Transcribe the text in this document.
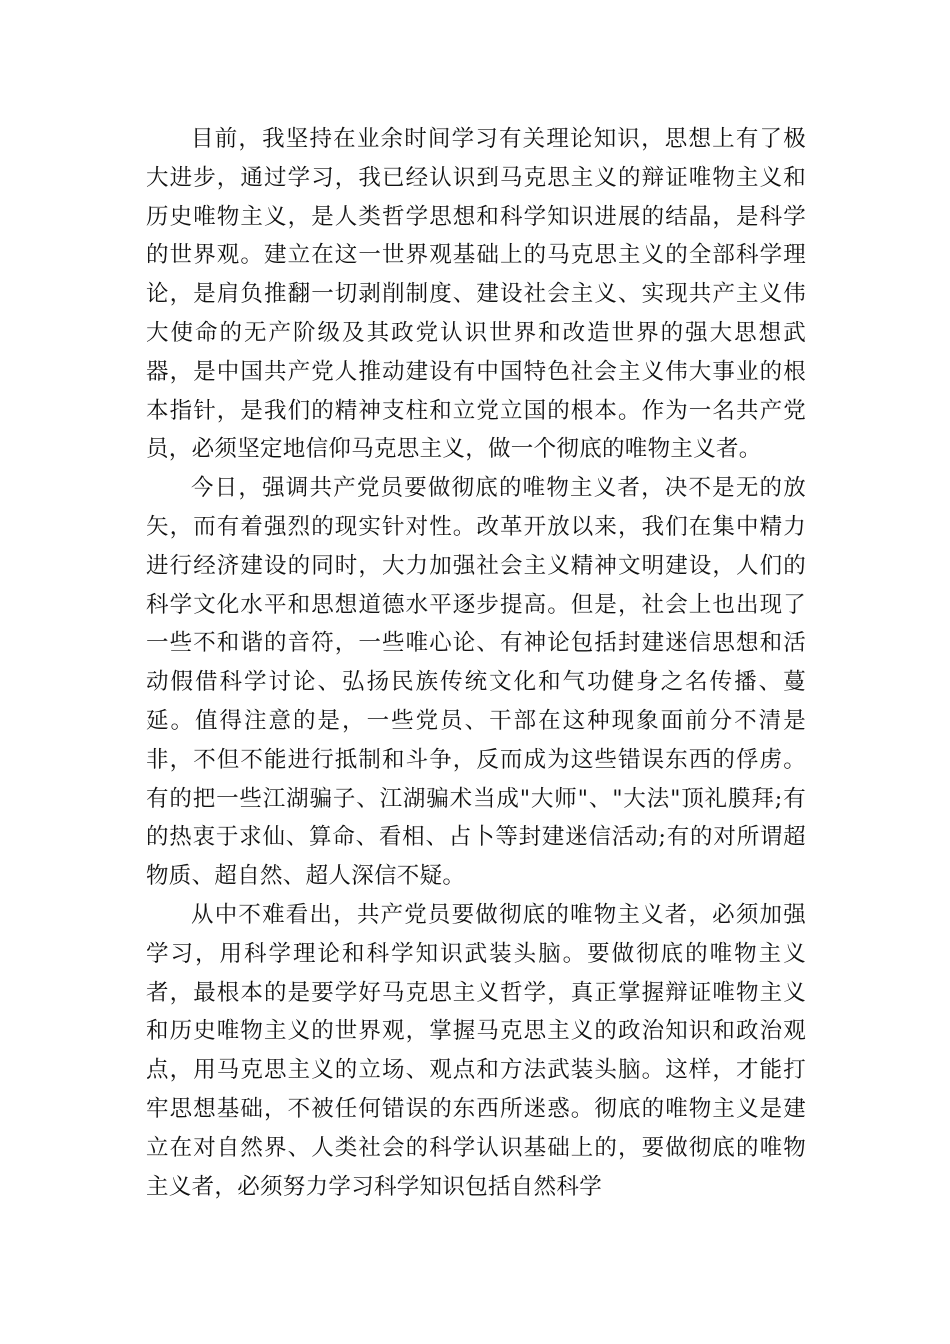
目前，我坚持在业余时间学习有关理论知识，思想上有了极大进步，通过学习，我已经认识到马克思主义的辩证唯物主义和历史唯物主义，是人类哲学思想和科学知识进展的结晶，是科学的世界观。建立在这一世界观基础上的马克思主义的全部科学理论，是肩负推翻一切剥削制度、建设社会主义、实现共产主义伟大使命的无产阶级及其政党认识世界和改造世界的强大思想武器，是中国共产党人推动建设有中国特色社会主义伟大事业的根本指针，是我们的精神支柱和立党立国的根本。作为一名共产党员，必须坚定地信仰马克思主义，做一个彻底的唯物主义者。

今日，强调共产党员要做彻底的唯物主义者，决不是无的放矢，而有着强烈的现实针对性。改革开放以来，我们在集中精力进行经济建设的同时，大力加强社会主义精神文明建设，人们的科学文化水平和思想道德水平逐步提高。但是，社会上也出现了一些不和谐的音符，一些唯心论、有神论包括封建迷信思想和活动假借科学讨论、弘扬民族传统文化和气功健身之名传播、蔓延。值得注意的是，一些党员、干部在这种现象面前分不清是非，不但不能进行抵制和斗争，反而成为这些错误东西的俘虏。有的把一些江湖骗子、江湖骗术当成"大师"、"大法"顶礼膜拜;有的热衷于求仙、算命、看相、占卜等封建迷信活动;有的对所谓超物质、超自然、超人深信不疑。

从中不难看出，共产党员要做彻底的唯物主义者，必须加强学习，用科学理论和科学知识武装头脑。要做彻底的唯物主义者，最根本的是要学好马克思主义哲学，真正掌握辩证唯物主义和历史唯物主义的世界观，掌握马克思主义的政治知识和政治观点，用马克思主义的立场、观点和方法武装头脑。这样，才能打牢思想基础，不被任何错误的东西所迷惑。彻底的唯物主义是建立在对自然界、人类社会的科学认识基础上的，要做彻底的唯物主义者，必须努力学习科学知识包括自然科学
